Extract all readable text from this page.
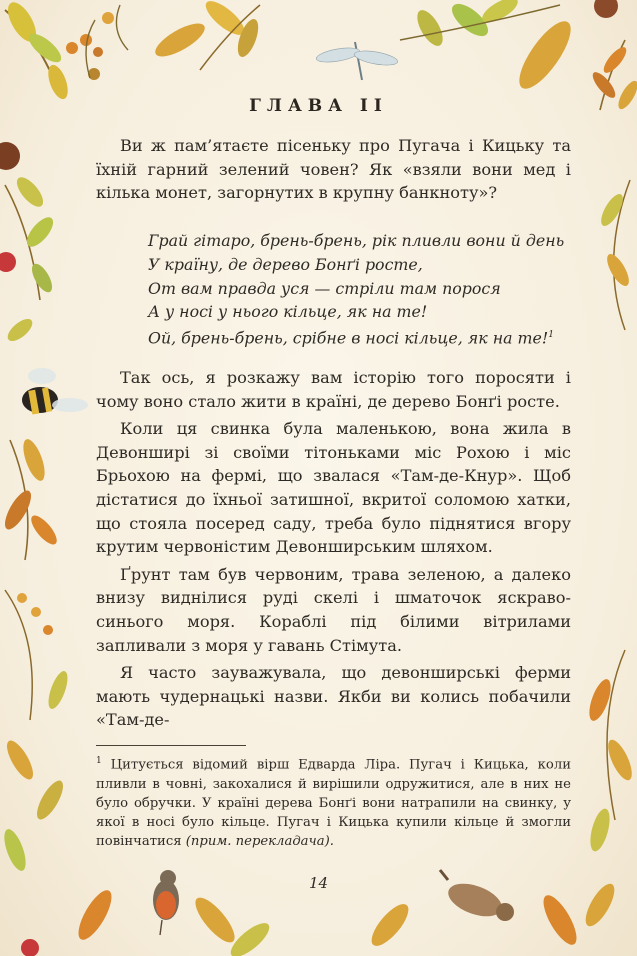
ГЛАВА II

Ви ж пам’ятаєте пісеньку про Пугача і Кицьку та їхній гарний зелений човен? Як «взяли вони мед і кілька монет, загорнутих в крупну банкноту»?

Грай гітаро, брень-брень, рік пливли вони й день
У країну, де дерево Бонґі росте,
От вам правда уся — стріли там порося
А у носі у нього кільце, як на те!
Ой, брень-брень, срібне в носі кільце, як на те!$^1$

Так ось, я розкажу вам історію того поросяти і чому воно стало жити в країні, де дерево Бонґі росте.

Коли ця свинка була маленькою, вона жила в Девонширі зі своїми тітоньками міс Рохою і міс Брьохою на фермі, що звалася «Там-де-Кнур». Щоб дістатися до їхньої затишної, вкритої соломою хатки, що стояла посеред саду, треба було піднятися вгору крутим червоністим Девонширським шляхом.

Ґрунт там був червоним, трава зеленою, а далеко внизу виднілися руді скелі і шматочок яскраво-синього моря. Кораблі під білими вітрилами запливали з моря у гавань Стімута.

Я часто зауважувала, що девонширські ферми мають чудернацькі назви. Якби ви колись побачили «Там-де-

$^1$ Цитується відомий вірш Едварда Ліра. Пугач і Кицька, коли пливли в човні, закохалися й вирішили одружитися, але в них не було обручки. У країні дерева Бонґі вони натрапили на свинку, у якої в носі було кільце. Пугач і Кицька купили кільце й змогли повінчатися (прим. перекладача).
14
